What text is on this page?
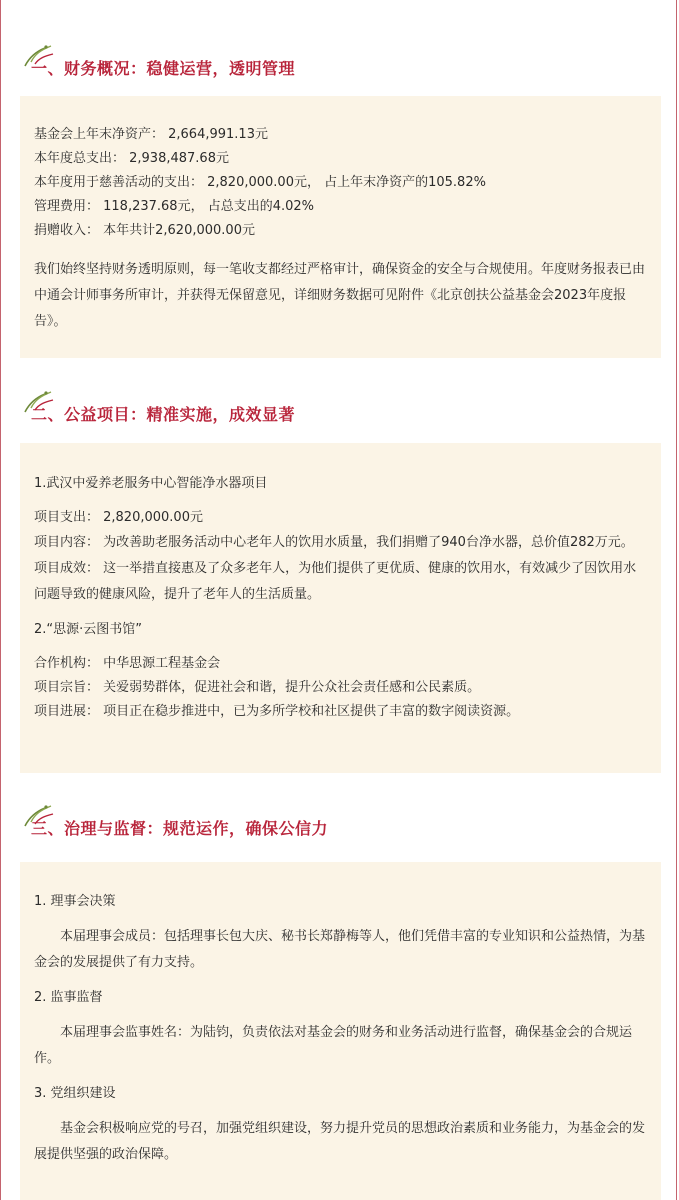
一、财务概况：稳健运营，透明管理
基金会上年末净资产： 2,664,991.13元
本年度总支出： 2,938,487.68元
本年度用于慈善活动的支出： 2,820,000.00元， 占上年末净资产的105.82%
管理费用： 118,237.68元， 占总支出的4.02%
捐赠收入： 本年共计2,620,000.00元
我们始终坚持财务透明原则，每一笔收支都经过严格审计，确保资金的安全与合规使用。年度财务报表已由中通会计师事务所审计，并获得无保留意见，详细财务数据可见附件《北京创扶公益基金会2023年度报告》。
二、公益项目：精准实施，成效显著
1.武汉中爱养老服务中心智能净水器项目
项目支出： 2,820,000.00元
项目内容： 为改善助老服务活动中心老年人的饮用水质量，我们捐赠了940台净水器，总价值282万元。
项目成效： 这一举措直接惠及了众多老年人，为他们提供了更优质、健康的饮用水，有效减少了因饮用水问题导致的健康风险，提升了老年人的生活质量。
2.“思源·云图书馆”
合作机构： 中华思源工程基金会
项目宗旨： 关爱弱势群体，促进社会和谐，提升公众社会责任感和公民素质。
项目进展： 项目正在稳步推进中，已为多所学校和社区提供了丰富的数字阅读资源。
三、治理与监督：规范运作，确保公信力
1. 理事会决策
本届理事会成员：包括理事长包大庆、秘书长郑静梅等人，他们凭借丰富的专业知识和公益热情，为基金会的发展提供了有力支持。
2. 监事监督
本届理事会监事姓名：为陆钧，负责依法对基金会的财务和业务活动进行监督，确保基金会的合规运作。
3. 党组织建设
基金会积极响应党的号召，加强党组织建设，努力提升党员的思想政治素质和业务能力，为基金会的发展提供坚强的政治保障。
